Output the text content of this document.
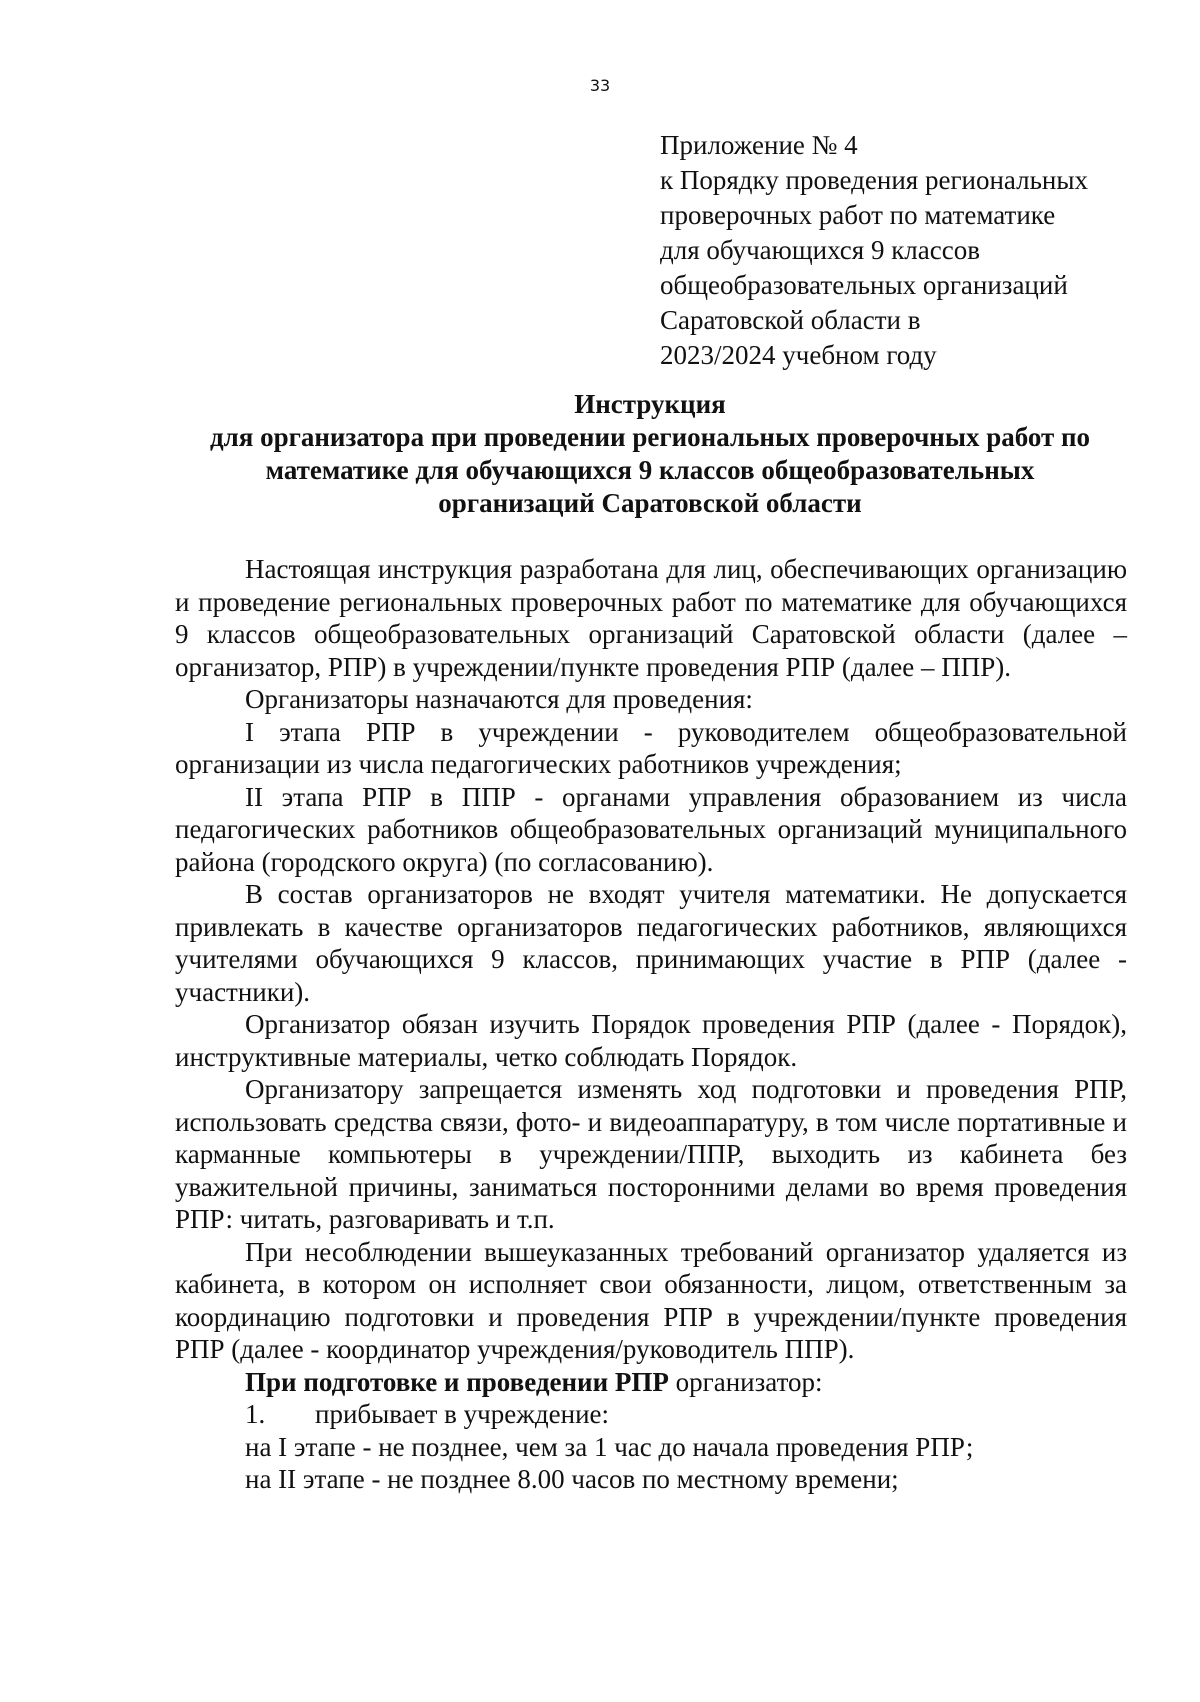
33
Приложение № 4
к Порядку проведения региональных
проверочных работ по математике
для обучающихся 9 классов
общеобразовательных организаций
Саратовской области в
2023/2024 учебном году
Инструкция
для организатора при проведении региональных проверочных работ по
математике для обучающихся 9 классов общеобразовательных
организаций Саратовской области

Настоящая инструкция разработана для лиц, обеспечивающих организацию и проведение региональных проверочных работ по математике для обучающихся 9 классов общеобразовательных организаций Саратовской области (далее – организатор, РПР) в учреждении/пункте проведения РПР (далее – ППР).

Организаторы назначаются для проведения:

I этапа РПР в учреждении - руководителем общеобразовательной организации из числа педагогических работников учреждения;

II этапа РПР в ППР - органами управления образованием из числа педагогических работников общеобразовательных организаций муниципального района (городского округа) (по согласованию).

В состав организаторов не входят учителя математики. Не допускается привлекать в качестве организаторов педагогических работников, являющихся учителями обучающихся 9 классов, принимающих участие в РПР (далее - участники).

Организатор обязан изучить Порядок проведения РПР (далее - Порядок), инструктивные материалы, четко соблюдать Порядок.

Организатору запрещается изменять ход подготовки и проведения РПР, использовать средства связи, фото- и видеоаппаратуру, в том числе портативные и карманные компьютеры в учреждении/ППР, выходить из кабинета без уважительной причины, заниматься посторонними делами во время проведения РПР: читать, разговаривать и т.п.

При несоблюдении вышеуказанных требований организатор удаляется из кабинета, в котором он исполняет свои обязанности, лицом, ответственным за координацию подготовки и проведения РПР в учреждении/пункте проведения РПР (далее - координатор учреждения/руководитель ППР).

При подготовке и проведении РПР организатор:

1. прибывает в учреждение:

на I этапе - не позднее, чем за 1 час до начала проведения РПР;

на II этапе - не позднее 8.00 часов по местному времени;
